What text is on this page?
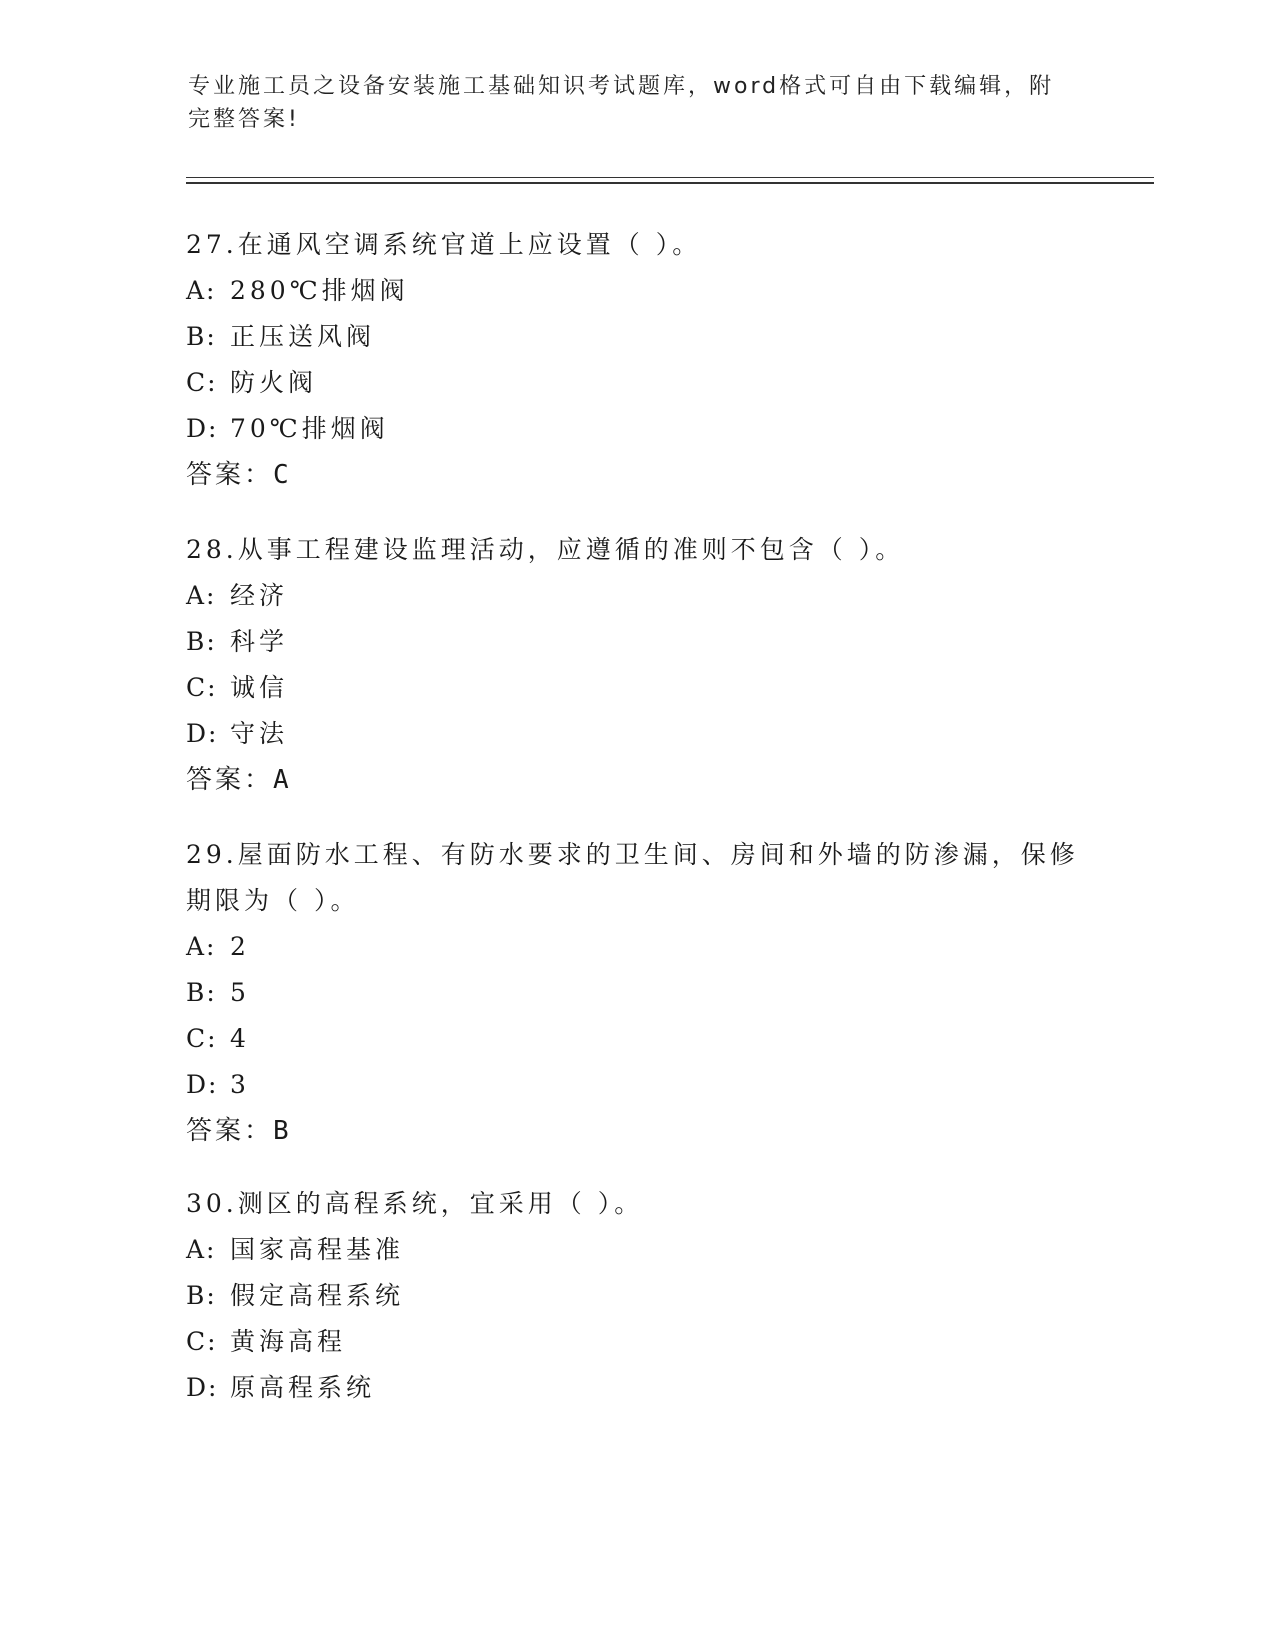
专业施工员之设备安装施工基础知识考试题库，word格式可自由下载编辑，附完整答案!

27.在通风空调系统官道上应设置（ ）。

A: 280℃排烟阀

B: 正压送风阀

C: 防火阀

D: 70℃排烟阀

答案：C

28.从事工程建设监理活动，应遵循的准则不包含（ ）。

A: 经济

B: 科学

C: 诚信

D: 守法

答案：A

29.屋面防水工程、有防水要求的卫生间、房间和外墙的防渗漏，保修期限为（ ）。

A: 2

B: 5

C: 4

D: 3

答案：B

30.测区的高程系统，宜采用（ ）。

A: 国家高程基准

B: 假定高程系统

C: 黄海高程

D: 原高程系统
